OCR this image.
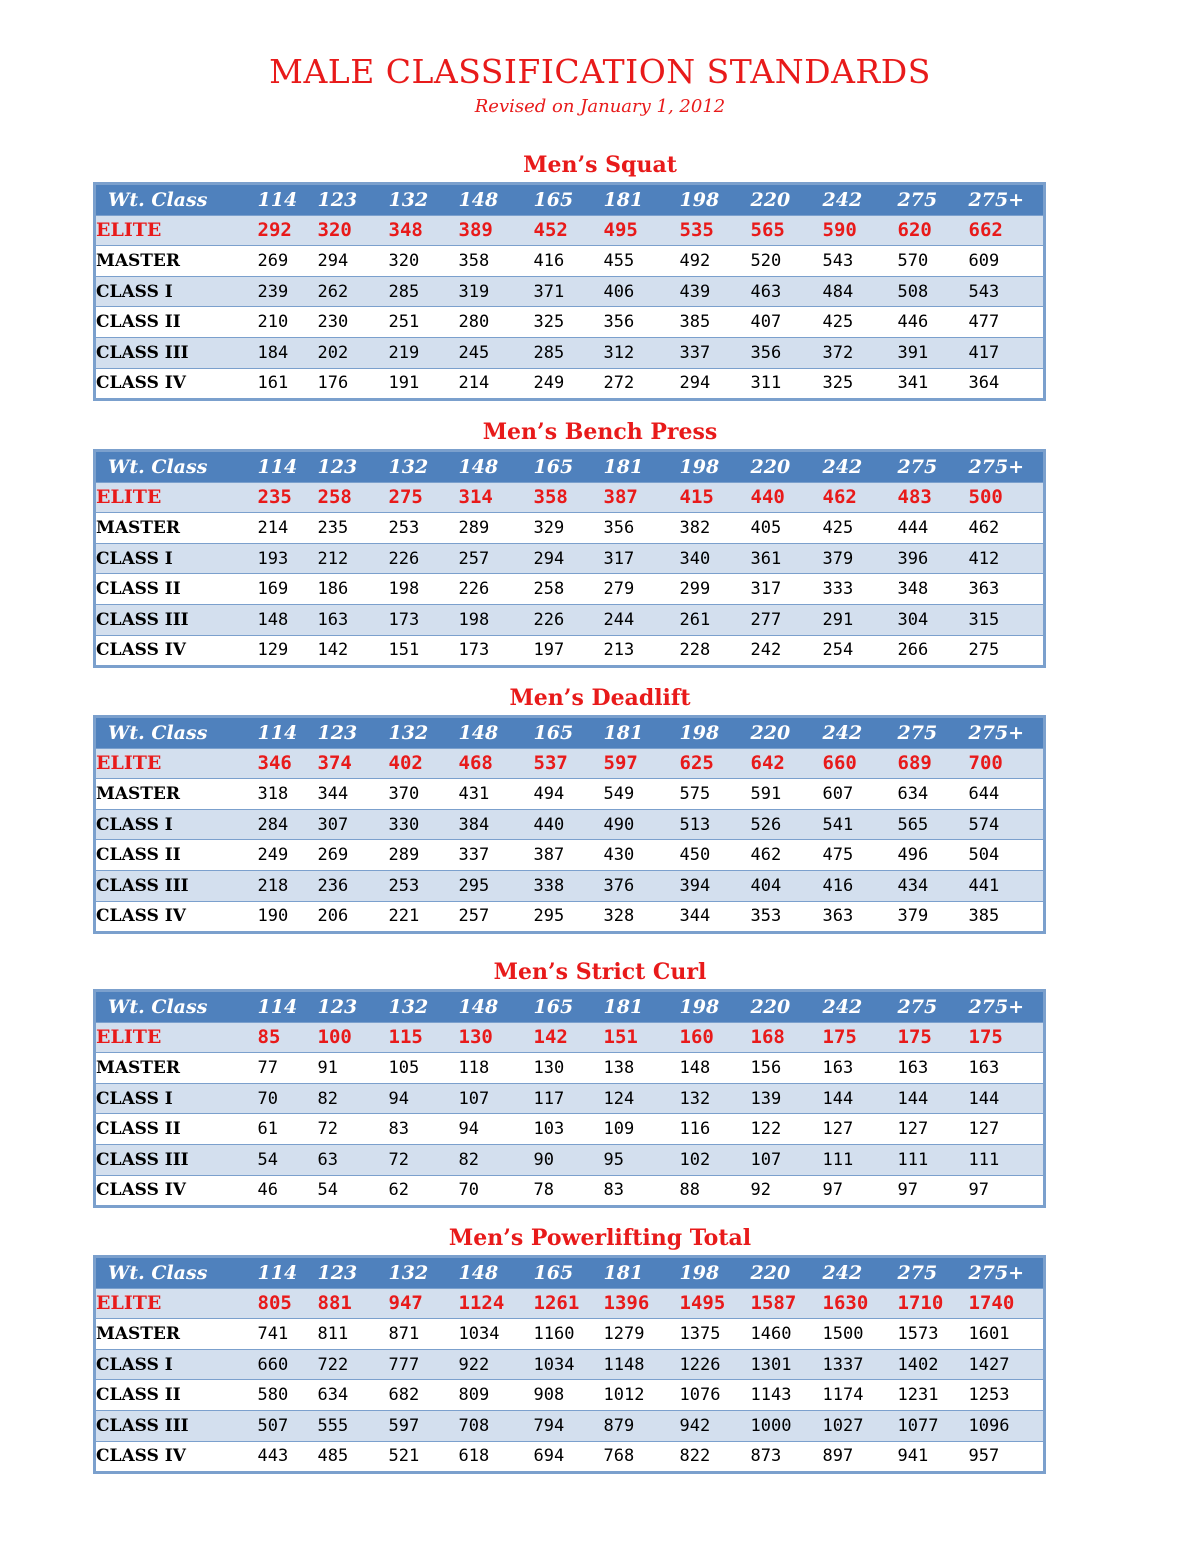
MALE CLASSIFICATION STANDARDS
Revised on January 1, 2012
Men’s Squat
Wt. Class	114	123	132	148	165	181	198	220	242	275	275+
ELITE	292	320	348	389	452	495	535	565	590	620	662
MASTER	269	294	320	358	416	455	492	520	543	570	609
CLASS I	239	262	285	319	371	406	439	463	484	508	543
CLASS II	210	230	251	280	325	356	385	407	425	446	477
CLASS III	184	202	219	245	285	312	337	356	372	391	417
CLASS IV	161	176	191	214	249	272	294	311	325	341	364
Men’s Bench Press
Wt. Class	114	123	132	148	165	181	198	220	242	275	275+
ELITE	235	258	275	314	358	387	415	440	462	483	500
MASTER	214	235	253	289	329	356	382	405	425	444	462
CLASS I	193	212	226	257	294	317	340	361	379	396	412
CLASS II	169	186	198	226	258	279	299	317	333	348	363
CLASS III	148	163	173	198	226	244	261	277	291	304	315
CLASS IV	129	142	151	173	197	213	228	242	254	266	275
Men’s Deadlift
Wt. Class	114	123	132	148	165	181	198	220	242	275	275+
ELITE	346	374	402	468	537	597	625	642	660	689	700
MASTER	318	344	370	431	494	549	575	591	607	634	644
CLASS I	284	307	330	384	440	490	513	526	541	565	574
CLASS II	249	269	289	337	387	430	450	462	475	496	504
CLASS III	218	236	253	295	338	376	394	404	416	434	441
CLASS IV	190	206	221	257	295	328	344	353	363	379	385
Men’s Strict Curl
Wt. Class	114	123	132	148	165	181	198	220	242	275	275+
ELITE	85	100	115	130	142	151	160	168	175	175	175
MASTER	77	91	105	118	130	138	148	156	163	163	163
CLASS I	70	82	94	107	117	124	132	139	144	144	144
CLASS II	61	72	83	94	103	109	116	122	127	127	127
CLASS III	54	63	72	82	90	95	102	107	111	111	111
CLASS IV	46	54	62	70	78	83	88	92	97	97	97
Men’s Powerlifting Total
Wt. Class	114	123	132	148	165	181	198	220	242	275	275+
ELITE	805	881	947	1124	1261	1396	1495	1587	1630	1710	1740
MASTER	741	811	871	1034	1160	1279	1375	1460	1500	1573	1601
CLASS I	660	722	777	922	1034	1148	1226	1301	1337	1402	1427
CLASS II	580	634	682	809	908	1012	1076	1143	1174	1231	1253
CLASS III	507	555	597	708	794	879	942	1000	1027	1077	1096
CLASS IV	443	485	521	618	694	768	822	873	897	941	957
